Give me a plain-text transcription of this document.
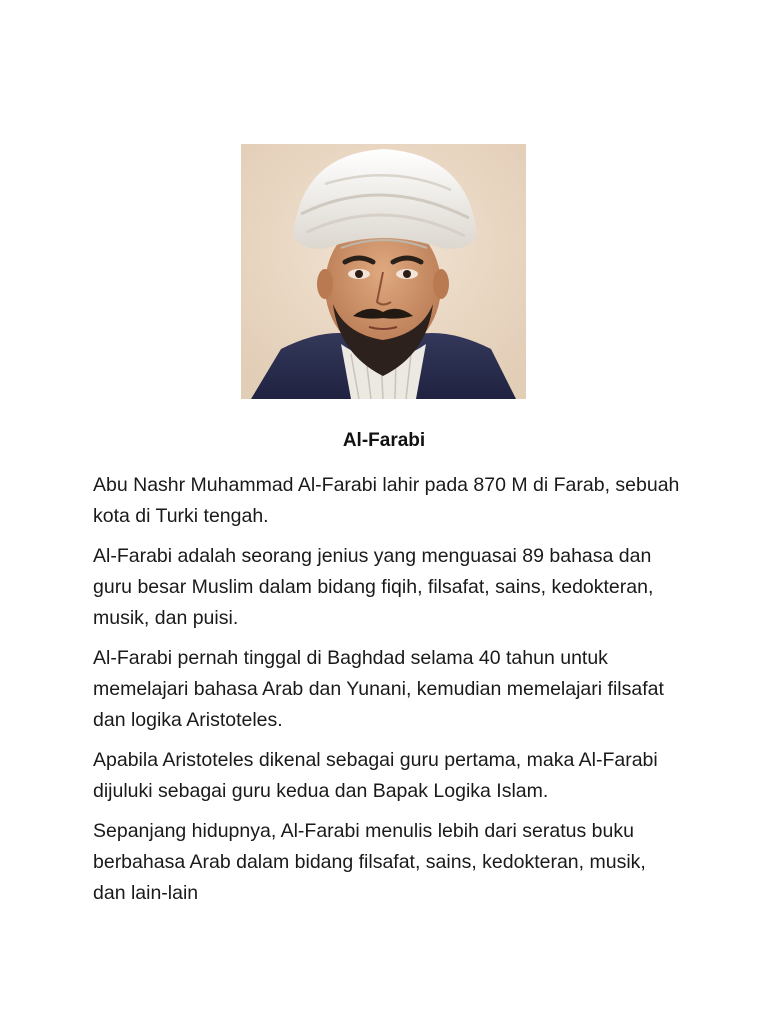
Al-Farabi

Abu Nashr Muhammad Al-Farabi lahir pada 870 M di Farab, sebuah kota di Turki tengah.

Al-Farabi adalah seorang jenius yang menguasai 89 bahasa dan guru besar Muslim dalam bidang fiqih, filsafat, sains, kedokteran, musik, dan puisi.

Al-Farabi pernah tinggal di Baghdad selama 40 tahun untuk memelajari bahasa Arab dan Yunani, kemudian memelajari filsafat dan logika Aristoteles.

Apabila Aristoteles dikenal sebagai guru pertama, maka Al-Farabi dijuluki sebagai guru kedua dan Bapak Logika Islam.

Sepanjang hidupnya, Al-Farabi menulis lebih dari seratus buku berbahasa Arab dalam bidang filsafat, sains, kedokteran, musik, dan lain-lain
